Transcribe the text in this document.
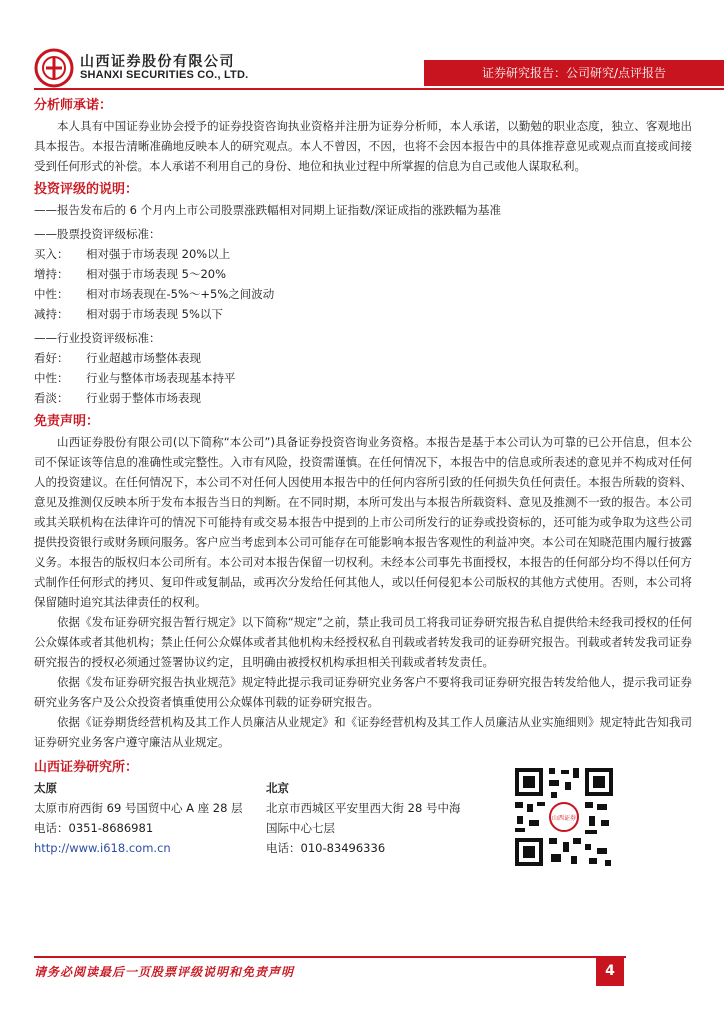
山西证券股份有限公司
SHANXI SECURITIES CO., LTD.	证券研究报告：公司研究/点评报告

分析师承诺：

本人具有中国证券业协会授予的证券投资咨询执业资格并注册为证券分析师，本人承诺，以勤勉的职业态度，独立、客观地出具本报告。本报告清晰准确地反映本人的研究观点。本人不曾因，不因，也将不会因本报告中的具体推荐意见或观点而直接或间接受到任何形式的补偿。本人承诺不利用自己的身份、地位和执业过程中所掌握的信息为自己或他人谋取私利。

投资评级的说明：

——报告发布后的 6 个月内上市公司股票涨跌幅相对同期上证指数/深证成指的涨跌幅为基准

——股票投资评级标准：

买入：	相对强于市场表现 20%以上
增持：	相对强于市场表现 5～20%
中性：	相对市场表现在-5%～+5%之间波动
减持：	相对弱于市场表现 5%以下

——行业投资评级标准：

看好：	行业超越市场整体表现
中性：	行业与整体市场表现基本持平
看淡：	行业弱于整体市场表现

免责声明：

山西证券股份有限公司(以下简称“本公司”)具备证券投资咨询业务资格。本报告是基于本公司认为可靠的已公开信息，但本公司不保证该等信息的准确性或完整性。入市有风险，投资需谨慎。在任何情况下，本报告中的信息或所表述的意见并不构成对任何人的投资建议。在任何情况下，本公司不对任何人因使用本报告中的任何内容所引致的任何损失负任何责任。本报告所载的资料、意见及推测仅反映本所于发布本报告当日的判断。在不同时期，本所可发出与本报告所载资料、意见及推测不一致的报告。本公司或其关联机构在法律许可的情况下可能持有或交易本报告中提到的上市公司所发行的证券或投资标的，还可能为或争取为这些公司提供投资银行或财务顾问服务。客户应当考虑到本公司可能存在可能影响本报告客观性的利益冲突。本公司在知晓范围内履行披露义务。本报告的版权归本公司所有。本公司对本报告保留一切权利。未经本公司事先书面授权，本报告的任何部分均不得以任何方式制作任何形式的拷贝、复印件或复制品，或再次分发给任何其他人，或以任何侵犯本公司版权的其他方式使用。否则，本公司将保留随时追究其法律责任的权利。

依据《发布证券研究报告暂行规定》以下简称“规定”之前，禁止我司员工将我司证券研究报告私自提供给未经我司授权的任何公众媒体或者其他机构；禁止任何公众媒体或者其他机构未经授权私自刊载或者转发我司的证券研究报告。刊载或者转发我司证券研究报告的授权必须通过签署协议约定，且明确由被授权机构承担相关刊载或者转发责任。

依据《发布证券研究报告执业规范》规定特此提示我司证券研究业务客户不要将我司证券研究报告转发给他人，提示我司证券研究业务客户及公众投资者慎重使用公众媒体刊载的证券研究报告。

依据《证券期货经营机构及其工作人员廉洁从业规定》和《证券经营机构及其工作人员廉洁从业实施细则》规定特此告知我司证券研究业务客户遵守廉洁从业规定。

山西证券研究所：

太原
太原市府西街 69 号国贸中心 A 座 28 层
电话：0351-8686981
http://www.i618.com.cn
北京
北京市西城区平安里西大街 28 号中海
国际中心七层
电话：010-83496336
山西证券
请务必阅读最后一页股票评级说明和免责声明	4
